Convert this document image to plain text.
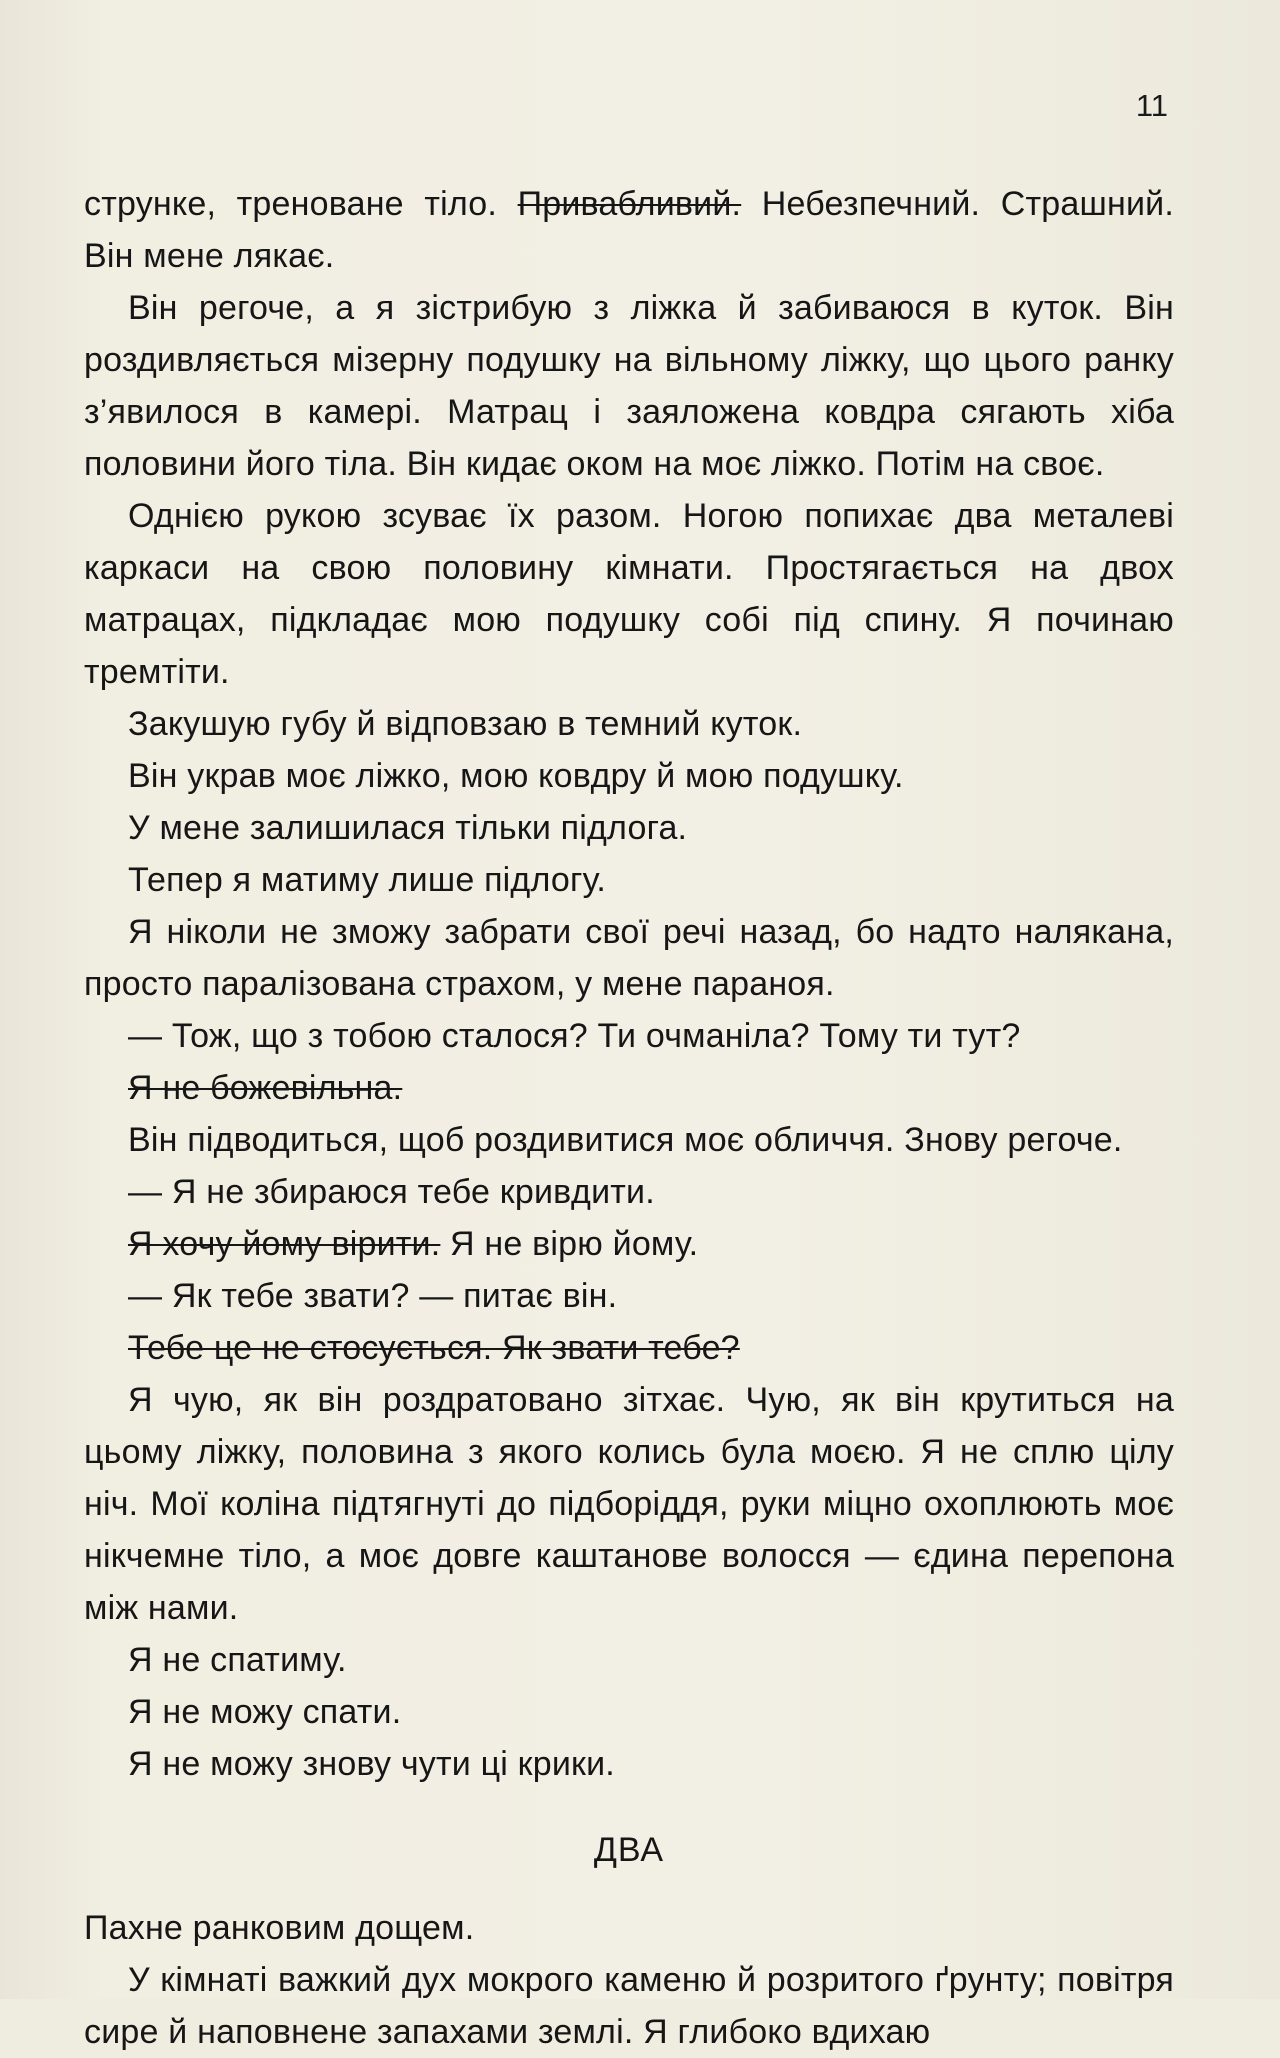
11

струнке, треноване тіло. Привабливий. Небезпечний. Страшний. Він мене лякає.

Він регоче, а я зістрибую з ліжка й забиваюся в куток. Він роздивляється мізерну подушку на вільному ліжку, що цього ранку з’явилося в камері. Матрац і заяложена ковдра сягають хіба половини його тіла. Він кидає оком на моє ліжко. Потім на своє.

Однією рукою зсуває їх разом. Ногою попихає два металеві каркаси на свою половину кімнати. Простягається на двох матрацах, підкладає мою подушку собі під спину. Я починаю тремтіти.

Закушую губу й відповзаю в темний куток.

Він украв моє ліжко, мою ковдру й мою подушку.

У мене залишилася тільки підлога.

Тепер я матиму лише підлогу.

Я ніколи не зможу забрати свої речі назад, бо надто налякана, просто паралізована страхом, у мене параноя.

— Тож, що з тобою сталося? Ти очманіла? Тому ти тут?

Я не божевільна.

Він підводиться, щоб роздивитися моє обличчя. Знову регоче.

— Я не збираюся тебе кривдити.

Я хочу йому вірити. Я не вірю йому.

— Як тебе звати? — питає він.

Тебе це не стосується. Як звати тебе?

Я чую, як він роздратовано зітхає. Чую, як він крутиться на цьому ліжку, половина з якого колись була моєю. Я не сплю цілу ніч. Мої коліна підтягнуті до підборіддя, руки міцно охоплюють моє нікчемне тіло, а моє довге каштанове волосся — єдина перепона між нами.

Я не спатиму.

Я не можу спати.

Я не можу знову чути ці крики.

ДВА

Пахне ранковим дощем.

У кімнаті важкий дух мокрого каменю й розритого ґрунту; повітря сире й наповнене запахами землі. Я глибоко вдихаю
